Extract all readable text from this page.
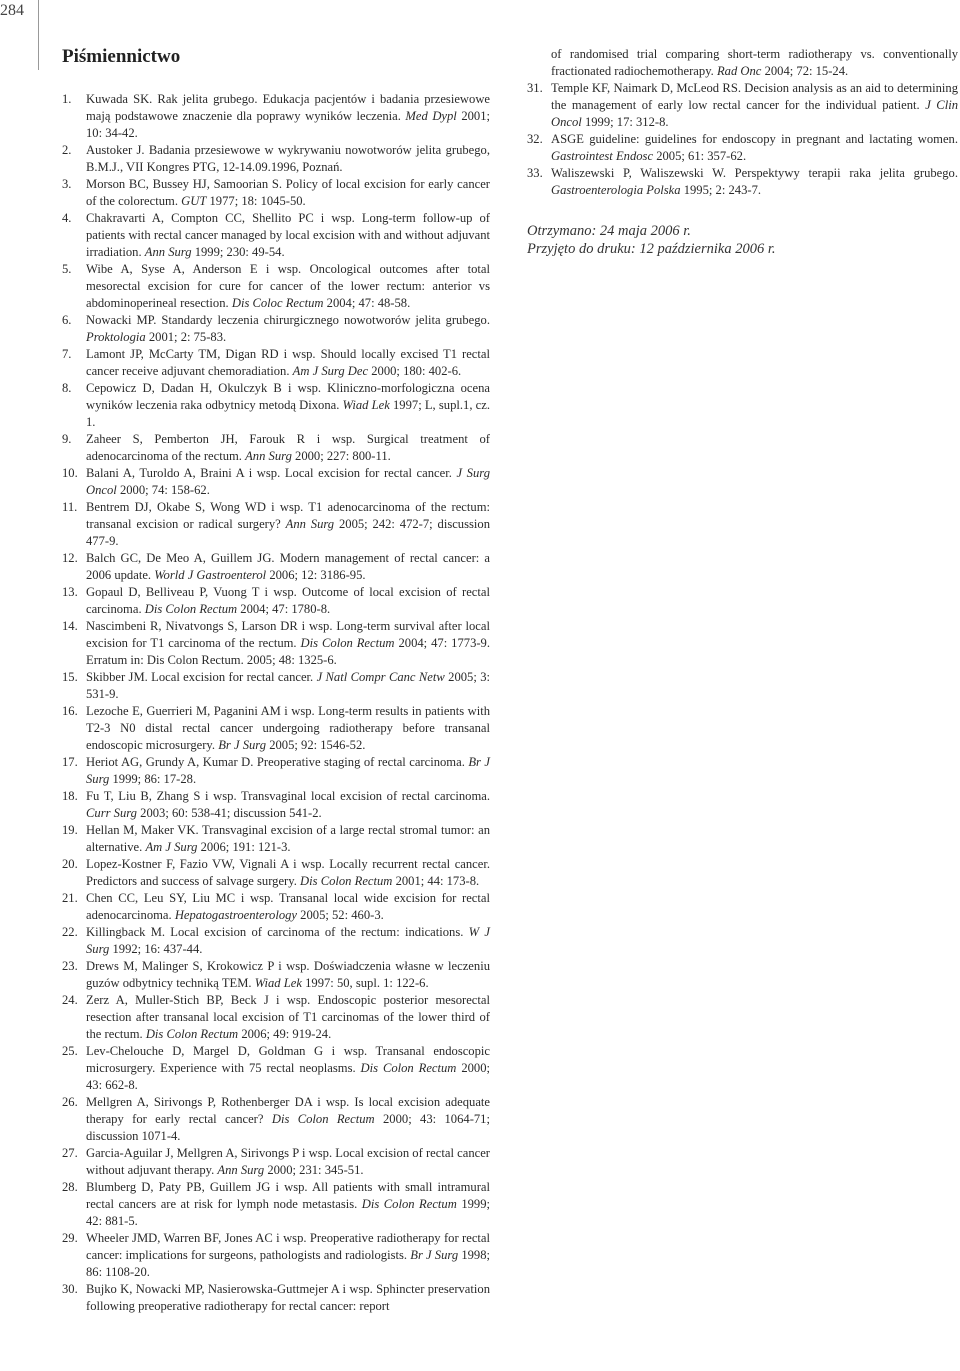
284
Piśmiennictwo
1.	Kuwada SK. Rak jelita grubego. Edukacja pacjentów i badania przesiewowe mają podstawowe znaczenie dla poprawy wyników leczenia. Med Dypl 2001; 10: 34-42.
2.	Austoker J. Badania przesiewowe w wykrywaniu nowotworów jelita grubego, B.M.J., VII Kongres PTG, 12-14.09.1996, Poznań.
3.	Morson BC, Bussey HJ, Samoorian S. Policy of local excision for early cancer of the colorectum. GUT 1977; 18: 1045-50.
4.	Chakravarti A, Compton CC, Shellito PC i wsp. Long-term follow-up of patients with rectal cancer managed by local excision with and without adjuvant irradiation. Ann Surg 1999; 230: 49-54.
5.	Wibe A, Syse A, Anderson E i wsp. Oncological outcomes after total mesorectal excision for cure for cancer of the lower rectum: anterior vs abdominoperineal resection. Dis Coloc Rectum 2004; 47: 48-58.
6.	Nowacki MP. Standardy leczenia chirurgicznego nowotworów jelita grubego. Proktologia 2001; 2: 75-83.
7.	Lamont JP, McCarty TM, Digan RD i wsp. Should locally excised T1 rectal cancer receive adjuvant chemoradiation. Am J Surg Dec 2000; 180: 402-6.
8.	Cepowicz D, Dadan H, Okulczyk B i wsp. Kliniczno-morfologiczna ocena wyników leczenia raka odbytnicy metodą Dixona. Wiad Lek 1997; L, supl.1, cz. 1.
9.	Zaheer S, Pemberton JH, Farouk R i wsp. Surgical treatment of adenocarcinoma of the rectum. Ann Surg 2000; 227: 800-11.
10. Balani A, Turoldo A, Braini A i wsp. Local excision for rectal cancer. J Surg Oncol 2000; 74: 158-62.
11. Bentrem DJ, Okabe S, Wong WD i wsp. T1 adenocarcinoma of the rectum: transanal excision or radical surgery? Ann Surg 2005; 242: 472-7; discussion 477-9.
12. Balch GC, De Meo A, Guillem JG. Modern management of rectal cancer: a 2006 update. World J Gastroenterol 2006; 12: 3186-95.
13. Gopaul D, Belliveau P, Vuong T i wsp. Outcome of local excision of rectal carcinoma. Dis Colon Rectum 2004; 47: 1780-8.
14. Nascimbeni R, Nivatvongs S, Larson DR i wsp. Long-term survival after local excision for T1 carcinoma of the rectum. Dis Colon Rectum 2004; 47: 1773-9. Erratum in: Dis Colon Rectum. 2005; 48: 1325-6.
15. Skibber JM. Local excision for rectal cancer. J Natl Compr Canc Netw 2005; 3: 531-9.
16. Lezoche E, Guerrieri M, Paganini AM i wsp. Long-term results in patients with T2-3 N0 distal rectal cancer undergoing radiotherapy before transanal endoscopic microsurgery. Br J Surg 2005; 92: 1546-52.
17. Heriot AG, Grundy A, Kumar D. Preoperative staging of rectal carcinoma. Br J Surg 1999; 86: 17-28.
18. Fu T, Liu B, Zhang S i wsp. Transvaginal local excision of rectal carcinoma. Curr Surg 2003; 60: 538-41; discussion 541-2.
19. Hellan M, Maker VK. Transvaginal excision of a large rectal stromal tumor: an alternative. Am J Surg 2006; 191: 121-3.
20. Lopez-Kostner F, Fazio VW, Vignali A i wsp. Locally recurrent rectal cancer. Predictors and success of salvage surgery. Dis Colon Rectum 2001; 44: 173-8.
21. Chen CC, Leu SY, Liu MC i wsp. Transanal local wide excision for rectal adenocarcinoma. Hepatogastroenterology 2005; 52: 460-3.
22. Killingback M. Local excision of carcinoma of the rectum: indications. W J Surg 1992; 16: 437-44.
23. Drews M, Malinger S, Krokowicz P i wsp. Doświadczenia własne w leczeniu guzów odbytnicy techniką TEM. Wiad Lek 1997: 50, supl. 1: 122-6.
24. Zerz A, Muller-Stich BP, Beck J i wsp. Endoscopic posterior mesorectal resection after transanal local excision of T1 carcinomas of the lower third of the rectum. Dis Colon Rectum 2006; 49: 919-24.
25. Lev-Chelouche D, Margel D, Goldman G i wsp. Transanal endoscopic microsurgery. Experience with 75 rectal neoplasms. Dis Colon Rectum 2000; 43: 662-8.
26. Mellgren A, Sirivongs P, Rothenberger DA i wsp. Is local excision adequate therapy for early rectal cancer? Dis Colon Rectum 2000; 43: 1064-71; discussion 1071-4.
27. Garcia-Aguilar J, Mellgren A, Sirivongs P i wsp. Local excision of rectal cancer without adjuvant therapy. Ann Surg 2000; 231: 345-51.
28. Blumberg D, Paty PB, Guillem JG i wsp. All patients with small intramural rectal cancers are at risk for lymph node metastasis. Dis Colon Rectum 1999; 42: 881-5.
29. Wheeler JMD, Warren BF, Jones AC i wsp. Preoperative radiotherapy for rectal cancer: implications for surgeons, pathologists and radiologists. Br J Surg 1998; 86: 1108-20.
30. Bujko K, Nowacki MP, Nasierowska-Guttmejer A i wsp. Sphincter preservation following preoperative radiotherapy for rectal cancer: report
of randomised trial comparing short-term radiotherapy vs. conventionally fractionated radiochemotherapy. Rad Onc 2004; 72: 15-24.
31. Temple KF, Naimark D, McLeod RS. Decision analysis as an aid to determining the management of early low rectal cancer for the individual patient. J Clin Oncol 1999; 17: 312-8.
32. ASGE guideline: guidelines for endoscopy in pregnant and lactating women. Gastrointest Endosc 2005; 61: 357-62.
33. Waliszewski P, Waliszewski W. Perspektywy terapii raka jelita grubego. Gastroenterologia Polska 1995; 2: 243-7.
Otrzymano: 24 maja 2006 r.
Przyjęto do druku: 12 października 2006 r.
